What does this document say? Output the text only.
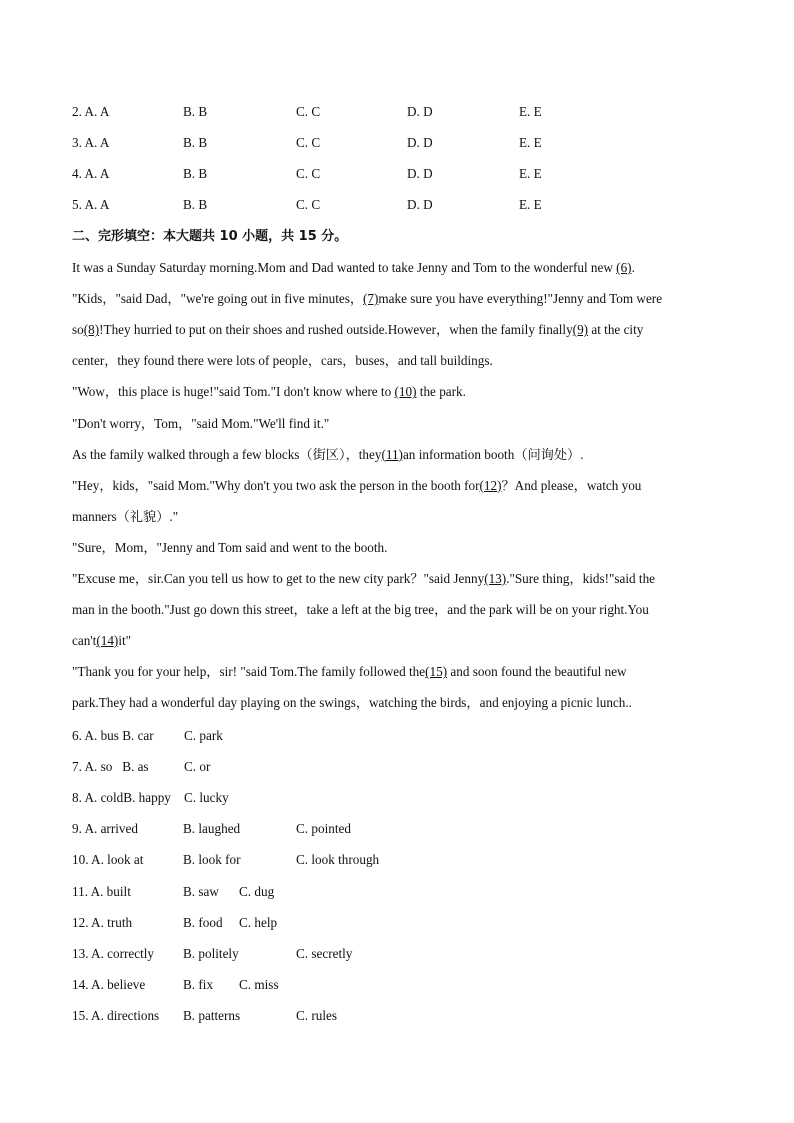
2. A. A	B. B	C. C	D. D	E. E
3. A. A	B. B	C. C	D. D	E. E
4. A. A	B. B	C. C	D. D	E. E
5. A. A	B. B	C. C	D. D	E. E
二、完形填空：本大题共 10 小题，共 15 分。
It was a Sunday Saturday morning.Mom and Dad wanted to take Jenny and Tom to the wonderful new (6).
"Kids，"said Dad，"we're going out in five minutes，(7)make sure you have everything!"Jenny and Tom were
so(8)!They hurried to put on their shoes and rushed outside.However，when the family finally(9) at the city
center，they found there were lots of people，cars，buses，and tall buildings.
"Wow，this place is huge!"said Tom."I don't know where to (10) the park.
"Don't worry，Tom，"said Mom."We'll find it."
As the family walked through a few blocks（街区），they(11)an information booth（问询处）.
"Hey，kids，"said Mom."Why don't you two ask the person in the booth for(12)？And please，watch you
manners（礼貌）."
"Sure，Mom，"Jenny and Tom said and went to the booth.
"Excuse me，sir.Can you tell us how to get to the new city park？"said Jenny(13)."Sure thing，kids!"said the
man in the booth."Just go down this street，take a left at the big tree，and the park will be on your right.You
can't(14)it"
"Thank you for your help，sir! "said Tom.The family followed the(15) and soon found the beautiful new
park.They had a wonderful day playing on the swings，watching the birds，and enjoying a picnic lunch..
6. A. bus B. car C. park
7. A. so   B. as	C. or
8. A. coldB. happy C. lucky
9. A. arrived	B. laughed	C. pointed
10. A. look at	B. look for	C. look through
11. A. built	B. saw C. dug
12. A. truth	B. food C. help
13. A. correctly B. politely	C. secretly
14. A. believe	B. fix C. miss
15. A. directions B. patterns	C. rules
